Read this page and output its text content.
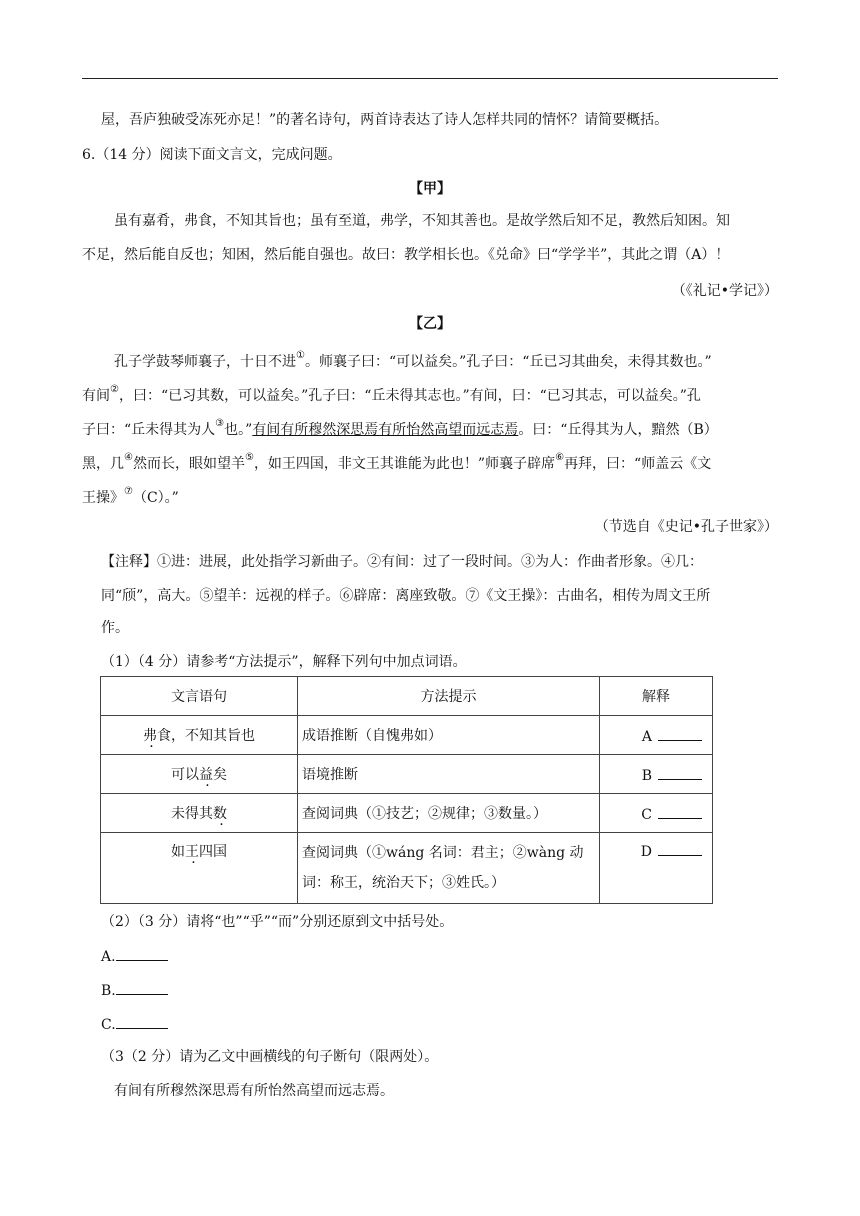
屋，吾庐独破受冻死亦足！”的著名诗句，两首诗表达了诗人怎样共同的情怀？请简要概括。
6.（14 分）阅读下面文言文，完成问题。
【甲】
虽有嘉肴，弗食，不知其旨也；虽有至道，弗学，不知其善也。是故学然后知不足，教然后知困。知
不足，然后能自反也；知困，然后能自强也。故曰：教学相长也。《兑命》曰“学学半”，其此之谓（A）！
（《礼记•学记》）
【乙】
孔子学鼓琴师襄子，十日不进①。师襄子曰：“可以益矣。”孔子曰：“丘已习其曲矣，未得其数也。”
有间②，曰：“已习其数，可以益矣。”孔子曰：“丘未得其志也。”有间，曰：“已习其志，可以益矣。”孔
子曰：“丘未得其为人③也。”有间有所穆然深思焉有所怡然高望而远志焉。曰：“丘得其为人，黯然（B）
黑，几④然而长，眼如望羊⑤，如王四国，非文王其谁能为此也！”师襄子辟席⑥再拜，曰：“师盖云《文
王操》⑦（C）。”
（节选自《史记•孔子世家》）
【注释】①进：进展，此处指学习新曲子。②有间：过了一段时间。③为人：作曲者形象。④几：
同“颀”，高大。⑤望羊：远视的样子。⑥辟席：离座致敬。⑦《文王操》：古曲名，相传为周文王所
作。
（1）（4 分）请参考“方法提示”，解释下列句中加点词语。
文言语句	方法提示	解释
弗食，不知其旨也	成语推断（自愧弗如）	A
可以益矣	语境推断	B
未得其数	查阅词典（①技艺；②规律；③数量。）	C
如王四国	查阅词典（①wáng 名词：君主；②wàng 动
词：称王，统治天下；③姓氏。）	D
（2）（3 分）请将“也”“乎”“而”分别还原到文中括号处。
A.
B.
C.
（3（2 分）请为乙文中画横线的句子断句（限两处）。
有间有所穆然深思焉有所怡然高望而远志焉。
